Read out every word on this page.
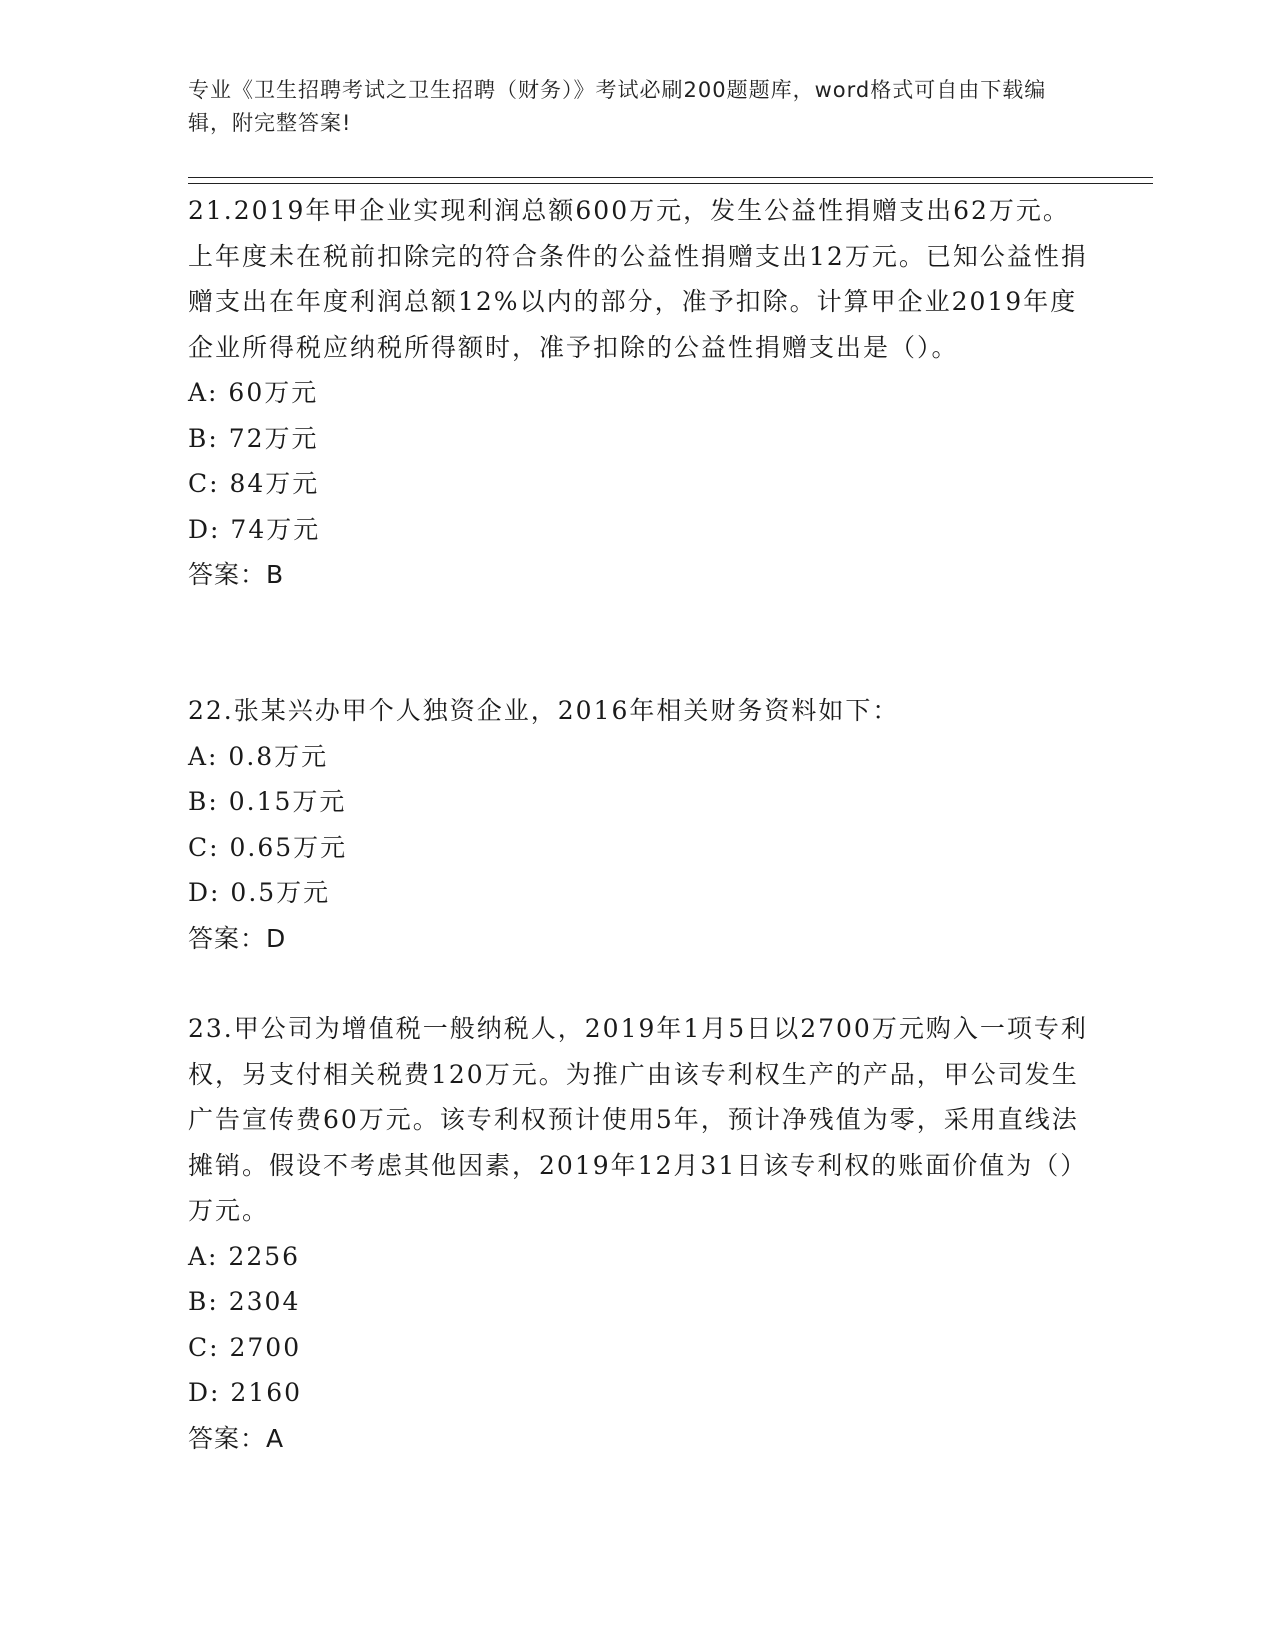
专业《卫生招聘考试之卫生招聘（财务）》考试必刷200题题库，word格式可自由下载编辑，附完整答案!

21.2019年甲企业实现利润总额600万元，发生公益性捐赠支出62万元。上年度未在税前扣除完的符合条件的公益性捐赠支出12万元。已知公益性捐赠支出在年度利润总额12%以内的部分，准予扣除。计算甲企业2019年度企业所得税应纳税所得额时，准予扣除的公益性捐赠支出是（）。

A: 60万元

B: 72万元

C: 84万元

D: 74万元

答案：B

22.张某兴办甲个人独资企业，2016年相关财务资料如下：

A: 0.8万元

B: 0.15万元

C: 0.65万元

D: 0.5万元

答案：D

23.甲公司为增值税一般纳税人，2019年1月5日以2700万元购入一项专利权，另支付相关税费120万元。为推广由该专利权生产的产品，甲公司发生广告宣传费60万元。该专利权预计使用5年，预计净残值为零，采用直线法摊销。假设不考虑其他因素，2019年12月31日该专利权的账面价值为（）万元。

A: 2256

B: 2304

C: 2700

D: 2160

答案：A
